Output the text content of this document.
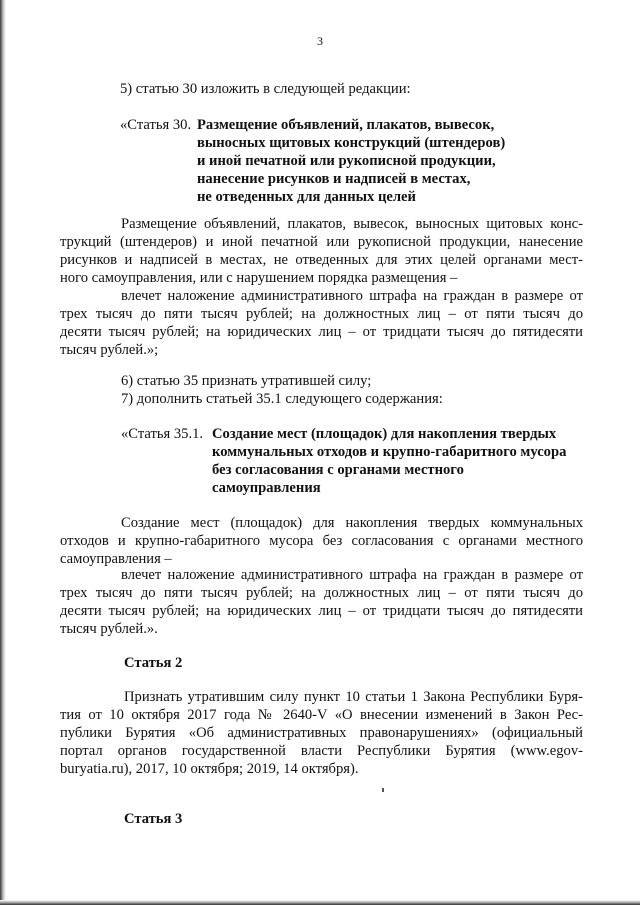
3
5) статью 30 изложить в следующей редакции:
«Статья 30. Размещение объявлений, плакатов, вывесок,
выносных щитовых конструкций (штендеров)
и иной печатной или рукописной продукции,
нанесение рисунков и надписей в местах,
не отведенных для данных целей
Размещение объявлений, плакатов, вывесок, выносных щитовых конс-
трукций (штендеров) и иной печатной или рукописной продукции, нанесение
рисунков и надписей в местах, не отведенных для этих целей органами мест-
ного самоуправления, или с нарушением порядка размещения –
влечет наложение административного штрафа на граждан в размере от
трех тысяч до пяти тысяч рублей; на должностных лиц – от пяти тысяч до
десяти тысяч рублей; на юридических лиц – от тридцати тысяч до пятидесяти
тысяч рублей.»;
6) статью 35 признать утратившей силу;
7) дополнить статьей 35.1 следующего содержания:
«Статья 35.1. Создание мест (площадок) для накопления твердых
коммунальных отходов и крупно-габаритного мусора
без согласования с органами местного
самоуправления
Создание мест (площадок) для накопления твердых коммунальных
отходов и крупно-габаритного мусора без согласования с органами местного
самоуправления –
влечет наложение административного штрафа на граждан в размере от
трех тысяч до пяти тысяч рублей; на должностных лиц – от пяти тысяч до
десяти тысяч рублей; на юридических лиц – от тридцати тысяч до пятидесяти
тысяч рублей.».
Статья 2
Признать утратившим силу пункт 10 статьи 1 Закона Республики Буря-
тия от 10 октября 2017 года № 2640-V «О внесении изменений в Закон Рес-
публики Бурятия «Об административных правонарушениях» (официальный
портал органов государственной власти Республики Бурятия (www.egov-
buryatia.ru), 2017, 10 октября; 2019, 14 октября).
Статья 3
